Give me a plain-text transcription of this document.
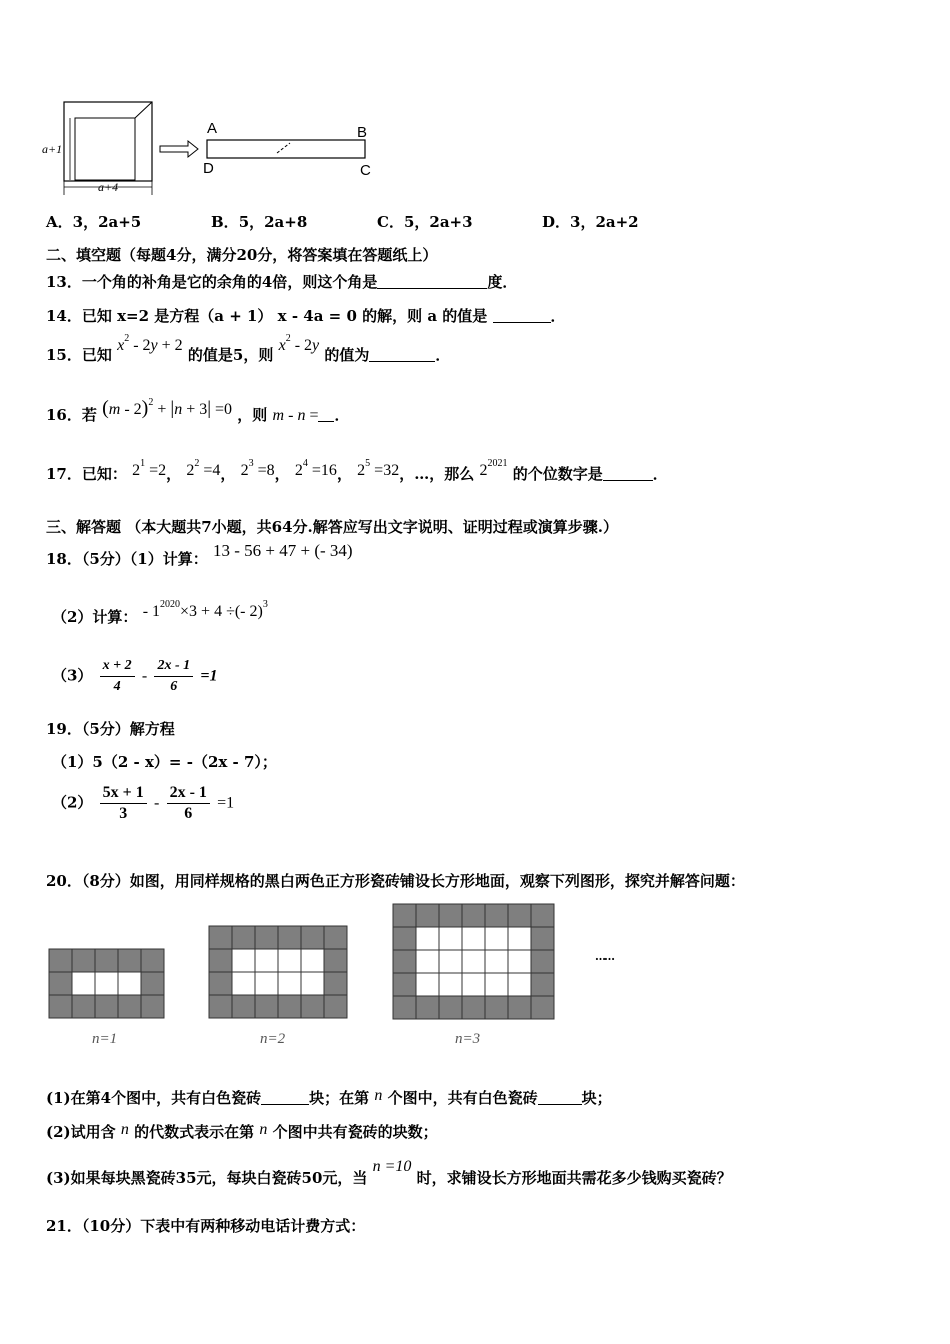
a+1
a+4
A	B
C
D
A．3，2a+5	B．5，2a+8	C．5，2a+3	D．3，2a+2
二、填空题（每题4分，满分20分，将答案填在答题纸上）
13．一个角的补角是它的余角的4倍，则这个角是	度．
14．已知 x=2 是方程（a + 1） x - 4a = 0 的解，则 a 的值是	．
15．已知 $x^2 - 2y + 2$ 的值是5，则 $x^2 - 2y$ 的值为	．
16．若 (m - 2)$^2$ + |n + 3| =0 ，则 m - n = ．
17．已知： $2^1 =2$， $2^2 =4$， $2^3 =8$， $2^4 =16$， $2^5 =32$，…，那么 $2^{2021}$ 的个位数字是	．
三、解答题 （本大题共7小题，共64分.解答应写出文字说明、证明过程或演算步骤.）
18．（5分）（1）计算： 13 - 56 + 47 + (- 34)
（2）计算： - $1^{2020}\times 3 + 4$ ÷(- 2)$^3$
$(3) \frac{x + 2}{4} - \frac{2x - 1}{6} =1$
19．（5分）解方程
（1）5（2 - x）= -（2x - 7）；
$(2) \frac{5x + 1}{3} - \frac{2x - 1}{6} =1$
20．（8分）如图，用同样规格的黑白两色正方形瓷砖铺设长方形地面，观察下列图形，探究并解答问题：
n=1	n=2	n=3
……
(1)在第4个图中，共有白色瓷砖	块；在第 n 个图中，共有白色瓷砖	块；
(2)试用含 n 的代数式表示在第 n 个图中共有瓷砖的块数；
(3)如果每块黑瓷砖35元，每块白瓷砖50元，当 n =10 时，求铺设长方形地面共需花多少钱购买瓷砖？
21．（10分）下表中有两种移动电话计费方式：
